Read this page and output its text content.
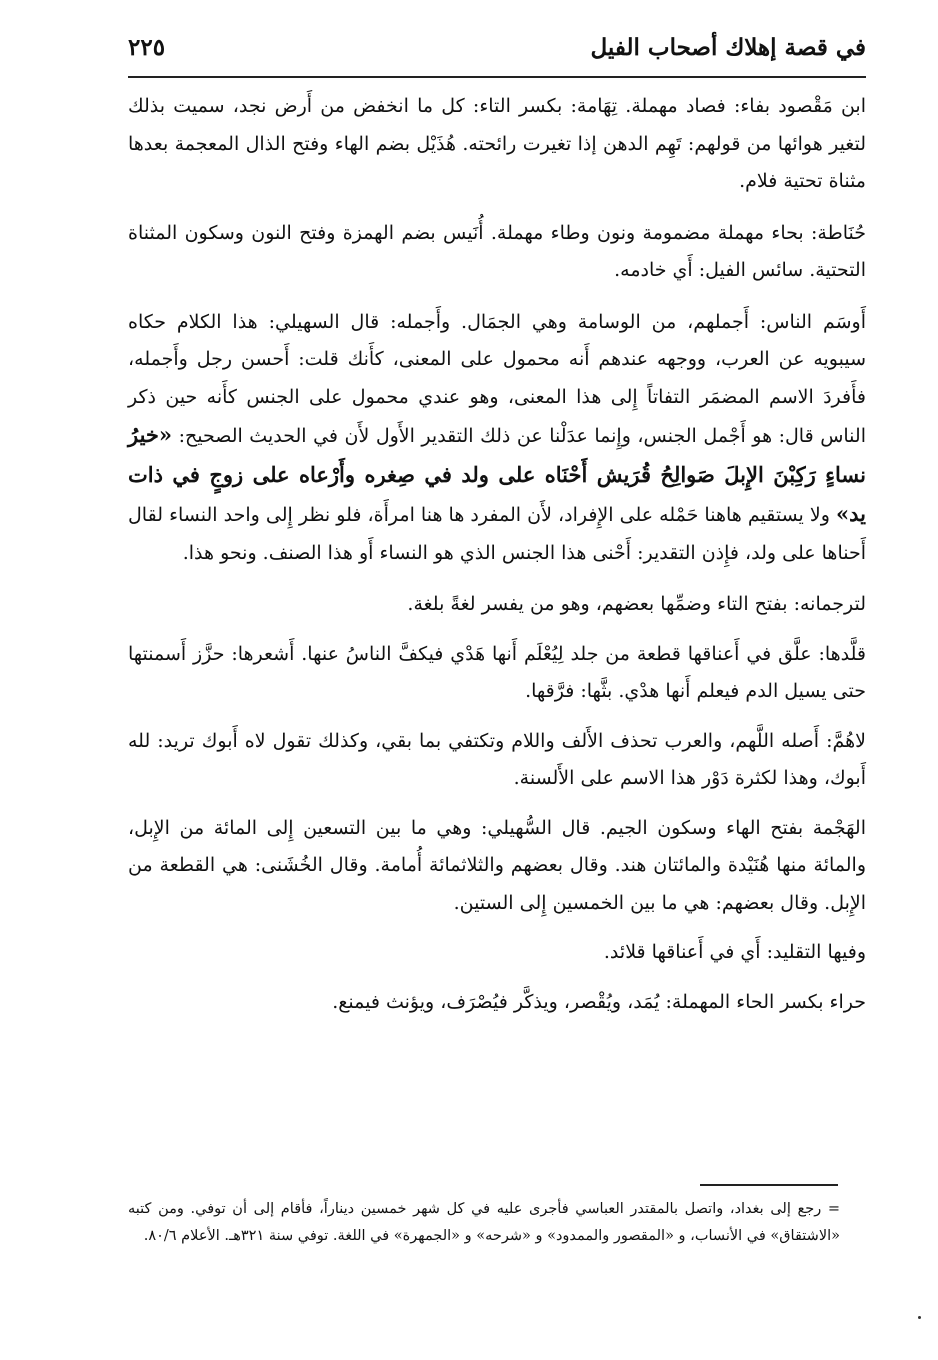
في قصة إهلاك أصحاب الفيل
٢٢٥

ابن مَقْصود بفاء: فصاد مهملة. تِهَامة: بكسر التاء: كل ما انخفض من أَرض نجد، سميت بذلك لتغير هوائها من قولهم: تَهِم الدهن إذا تغيرت رائحته. هُذَيْل بضم الهاء وفتح الذال المعجمة بعدها مثناة تحتية فلام.

حُنَاطة: بحاء مهملة مضمومة ونون وطاء مهملة. أُنَيس بضم الهمزة وفتح النون وسكون المثناة التحتية. سائس الفيل: أَي خادمه.

أَوسَم الناس: أَجملهم، من الوسامة وهي الجمَال. وأَجمله: قال السهيلي: هذا الكلام حكاه سيبويه عن العرب، ووجهه عندهم أَنه محمول على المعنى، كأَنك قلت: أَحسن رجل وأَجمله، فأَفردَ الاسم المضمَر التفاتاً إِلى هذا المعنى، وهو عندي محمول على الجنس كأَنه حين ذكر الناس قال: هو أَجْمل الجنس، وإِنما عدَلْنا عن ذلك التقدير الأَول لأَن في الحديث الصحيح: «خيرُ نساءٍ رَكِبْنَ الإِبلَ صَوالِحُ قُرَيش أَحْنَاه على ولد في صِغره وأَرْعاه على زوجٍ في ذات يد» ولا يستقيم هاهنا حَمْله على الإِفراد، لأَن المفرد ها هنا امرأَة، فلو نظر إِلى واحد النساء لقال أَحناها على ولد، فإِذن التقدير: أَحْنى هذا الجنس الذي هو النساء أَو هذا الصنف. ونحو هذا.

لترجمانه: بفتح التاء وضمِّها بعضهم، وهو من يفسر لغةً بلغة.

قلَّدها: علَّق في أَعناقها قطعة من جلد لِيُعْلَم أَنها هَدْي فيكفَّ الناسُ عنها. أَشعرها: حزَّز أَسمنتها حتى يسيل الدم فيعلم أَنها هدْي. بثَّها: فرَّقها.

لاهُمَّ: أَصله اللَّهم، والعرب تحذف الأَلف واللام وتكتفي بما بقي، وكذلك تقول لاه أَبوك تريد: لله أَبوك، وهذا لكثرة دَوْر هذا الاسم على الأَلسنة.

الهَجْمة بفتح الهاء وسكون الجيم. قال السُّهيلي: وهي ما بين التسعين إِلى المائة من الإِبل، والمائة منها هُنَيْدة والمائتان هند. وقال بعضهم والثلاثمائة أُمامة. وقال الخُشَنى: هي القطعة من الإِبل. وقال بعضهم: هي ما بين الخمسين إِلى الستين.

وفيها التقليد: أَي في أَعناقها قلائد.

حراء بكسر الحاء المهملة: يُمَد، ويُقْصر، ويذكَّر فيُصْرَف، ويؤنث فيمنع.

= رجع إلى بغداد، واتصل بالمقتدر العباسي فأجرى عليه في كل شهر خمسين ديناراً، فأقام إلى أن توفي. ومن كتبه «الاشتقاق» في الأنساب، و «المقصور والممدود» و «شرحه» و «الجمهرة» في اللغة. توفي سنة ٣٢١هـ. الأعلام ٨٠/٦.
